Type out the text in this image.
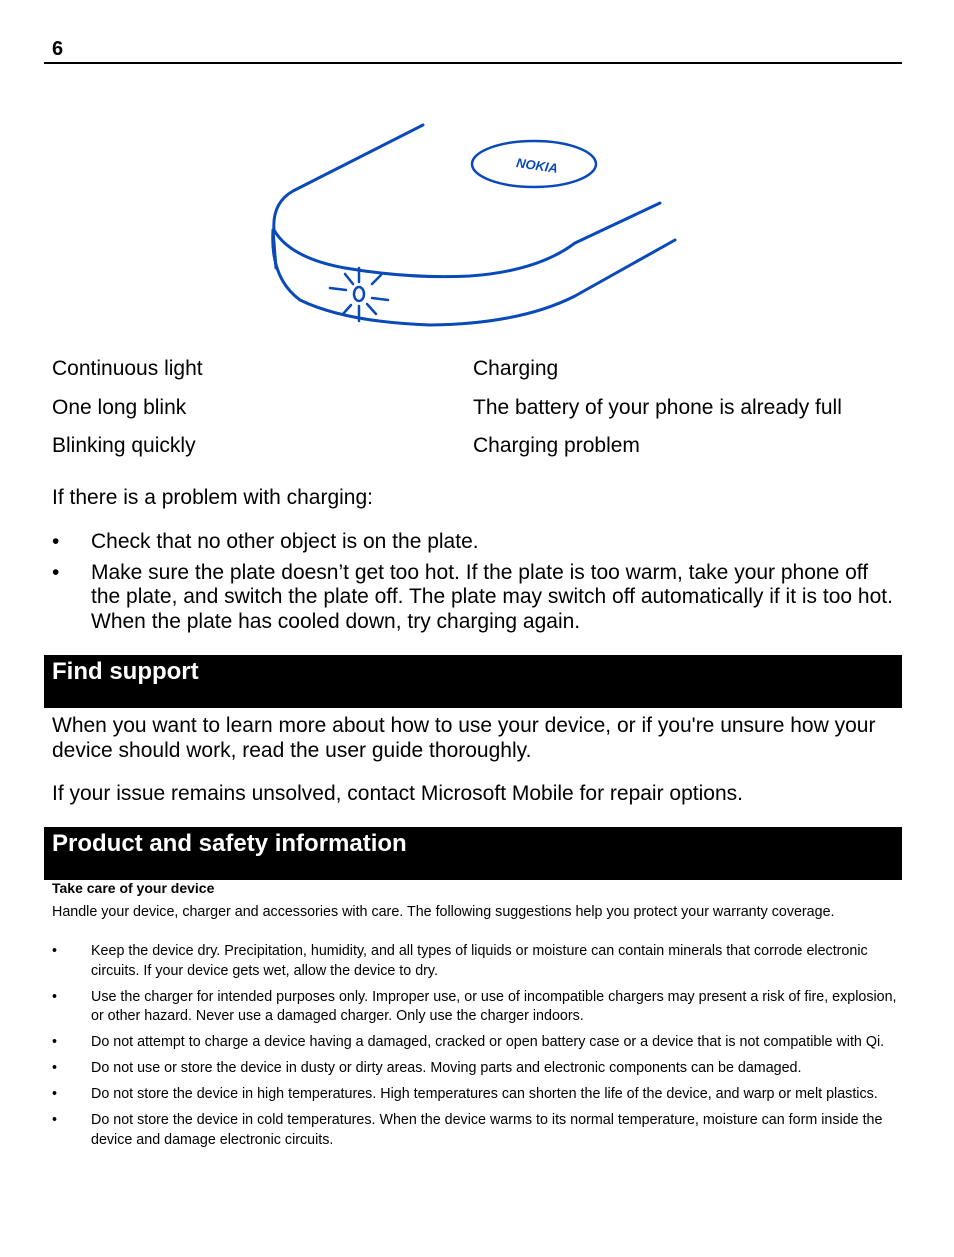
6
NOKIA
Continuous light	Charging
One long blink	The battery of your phone is already full
Blinking quickly	Charging problem
If there is a problem with charging:
•	Check that no other object is on the plate.
•	Make sure the plate doesn’t get too hot. If the plate is too warm, take your phone off the plate, and switch the plate off. The plate may switch off automatically if it is too hot. When the plate has cooled down, try charging again.
Find support
When you want to learn more about how to use your device, or if you're unsure how your device should work, read the user guide thoroughly.
If your issue remains unsolved, contact Microsoft Mobile for repair options.
Product and safety information
Take care of your device
Handle your device, charger and accessories with care. The following suggestions help you protect your warranty coverage.
•	Keep the device dry. Precipitation, humidity, and all types of liquids or moisture can contain minerals that corrode electronic circuits. If your device gets wet, allow the device to dry.
•	Use the charger for intended purposes only. Improper use, or use of incompatible chargers may present a risk of fire, explosion, or other hazard. Never use a damaged charger. Only use the charger indoors.
•	Do not attempt to charge a device having a damaged, cracked or open battery case or a device that is not compatible with Qi.
•	Do not use or store the device in dusty or dirty areas. Moving parts and electronic components can be damaged.
•	Do not store the device in high temperatures. High temperatures can shorten the life of the device, and warp or melt plastics.
•	Do not store the device in cold temperatures. When the device warms to its normal temperature, moisture can form inside the device and damage electronic circuits.
